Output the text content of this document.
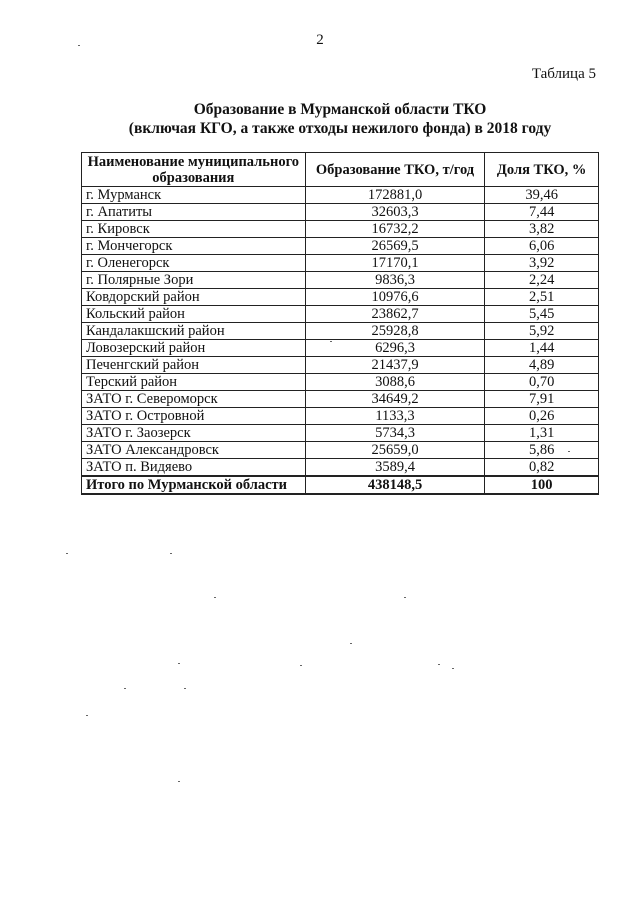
2
Таблица 5
Образование в Мурманской области ТКО
(включая КГО, а также отходы нежилого фонда) в 2018 году
Наименование муниципального образования	Образование ТКО, т/год	Доля ТКО, %
г. Мурманск	172881,0	39,46
г. Апатиты	32603,3	7,44
г. Кировск	16732,2	3,82
г. Мончегорск	26569,5	6,06
г. Оленегорск	17170,1	3,92
г. Полярные Зори	9836,3	2,24
Ковдорский район	10976,6	2,51
Кольский район	23862,7	5,45
Кандалакшский район	25928,8	5,92
Ловозерский район	6296,3	1,44
Печенгский район	21437,9	4,89
Терский район	3088,6	0,70
ЗАТО г. Североморск	34649,2	7,91
ЗАТО г. Островной	1133,3	0,26
ЗАТО г. Заозерск	5734,3	1,31
ЗАТО Александровск	25659,0	5,86
ЗАТО п. Видяево	3589,4	0,82
Итого по Мурманской области	438148,5	100
